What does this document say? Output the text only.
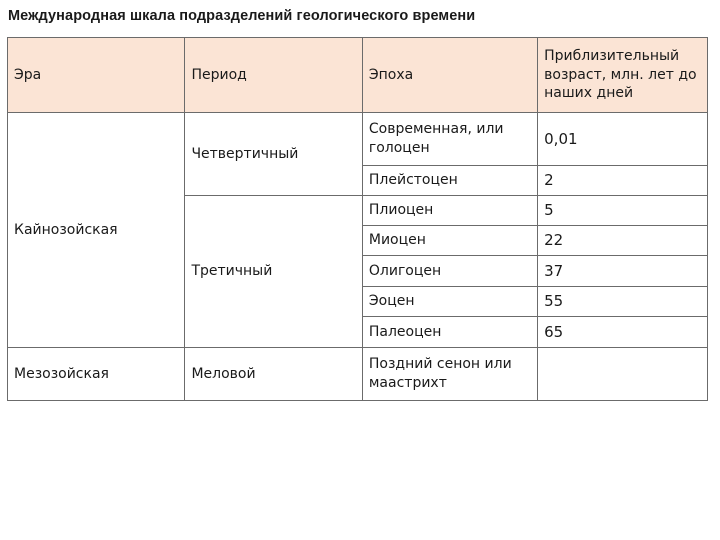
Международная шкала подразделений геологического времени
Эра	Период	Эпоха	Приблизительный возраст, млн. лет до наших дней
Кайнозойская	Четвертичный	Современная, или голоцен	0,01
		Плейстоцен	2
	Третичный	Плиоцен	5
		Миоцен	22
		Олигоцен	37
		Эоцен	55
		Палеоцен	65
Мезозойская	Меловой	Поздний сенон или маастрихт	
